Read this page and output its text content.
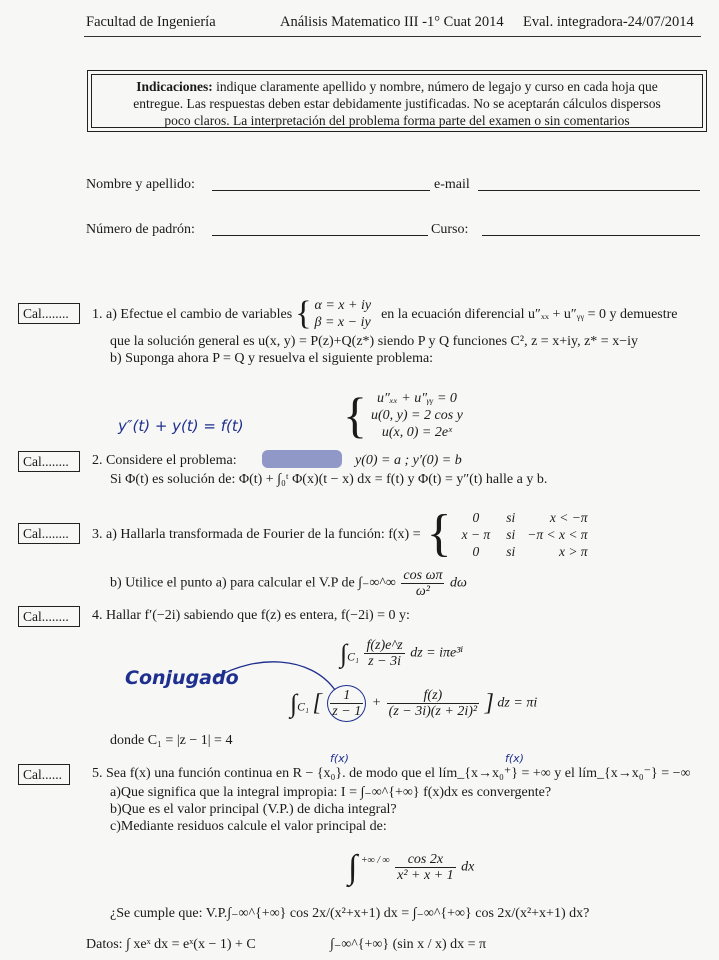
Facultad de Ingeniería	Análisis Matematico III -1° Cuat 2014 Eval. integradora-24/07/2014
Indicaciones: indique claramente apellido y nombre, número de legajo y curso en cada hoja que
entregue. Las respuestas deben estar debidamente justificadas. No se aceptarán cálculos dispersos
poco claros. La interpretación del problema forma parte del examen o sin comentarios
Nombre y apellido:	e-mail
Número de padrón:	Curso:
Cal........	1. a) Efectue el cambio de variables { α = x + iy
β = x − iy
en la ecuación diferencial u″ₓₓ + u″ᵧᵧ = 0 y demuestre
que la solución general es u(x, y) = P(z)+Q(z*) siendo P y Q funciones C², z = x+iy, z* = x−iy
b) Suponga ahora P = Q y resuelva el siguiente problema:
{ u″ₓₓ + u″ᵧᵧ = 0
u(0, y) = 2 cos y
u(x, 0) = 2eˣ
y″(t) + y(t) = f(t)
Cal........	2. Considere el problema:	y(0) = a ; y′(0) = b
Si Φ(t) es solución de: Φ(t) + ∫₀ᵗ Φ(x)(t − x) dx = f(t) y Φ(t) = y″(t) halle a y b.
Cal........	3. a) Hallarla transformada de Fourier de la función: f(x) = { 0	si	x < −π
x − π	si	−π < x < π
0	si	x > π
b) Utilice el punto a) para calcular el V.P de ∫₋∞^∞ $\frac{\text{cos ωπ}}{\text{ω²}}$ dω
Cal........	4. Hallar f′(−2i) sabiendo que f(z) es entera, f(−2i) = 0 y:
$\int_{C_1} \frac{f(z)e\^{}z}{z - 3i}$ dz = iπe³ⁱ
$\int_{C_1}$ [ $\frac{1}{z - 1} + \frac{f(z)}{\text{(z − 3i)(z + 2i)²}}$ ] dz = πi
Conjugado
donde C₁ = |z − 1| = 4
f(x)
f(x)
Cal......	5. Sea f(x) una función continua en R − {x₀}. de modo que el lím_{x→x₀⁺} = +∞ y el lím_{x→x₀⁻} = −∞
a)Que significa que la integral impropia: I = ∫₋∞^{+∞} f(x)dx es convergente?
b)Que es el valor principal (V.P.) de dicha integral?
c)Mediante residuos calcule el valor principal de:
∫ $^{+\infty / \infty} \frac{\cos 2x}{\text{x² + x + 1}}$ dx
¿Se cumple que: V.P.∫₋∞^{+∞} cos 2x/(x²+x+1) dx = ∫₋∞^{+∞} cos 2x/(x²+x+1) dx?
Datos: ∫ xeˣ dx = eˣ(x − 1) + C	∫₋∞^{+∞} (sin x / x) dx = π
